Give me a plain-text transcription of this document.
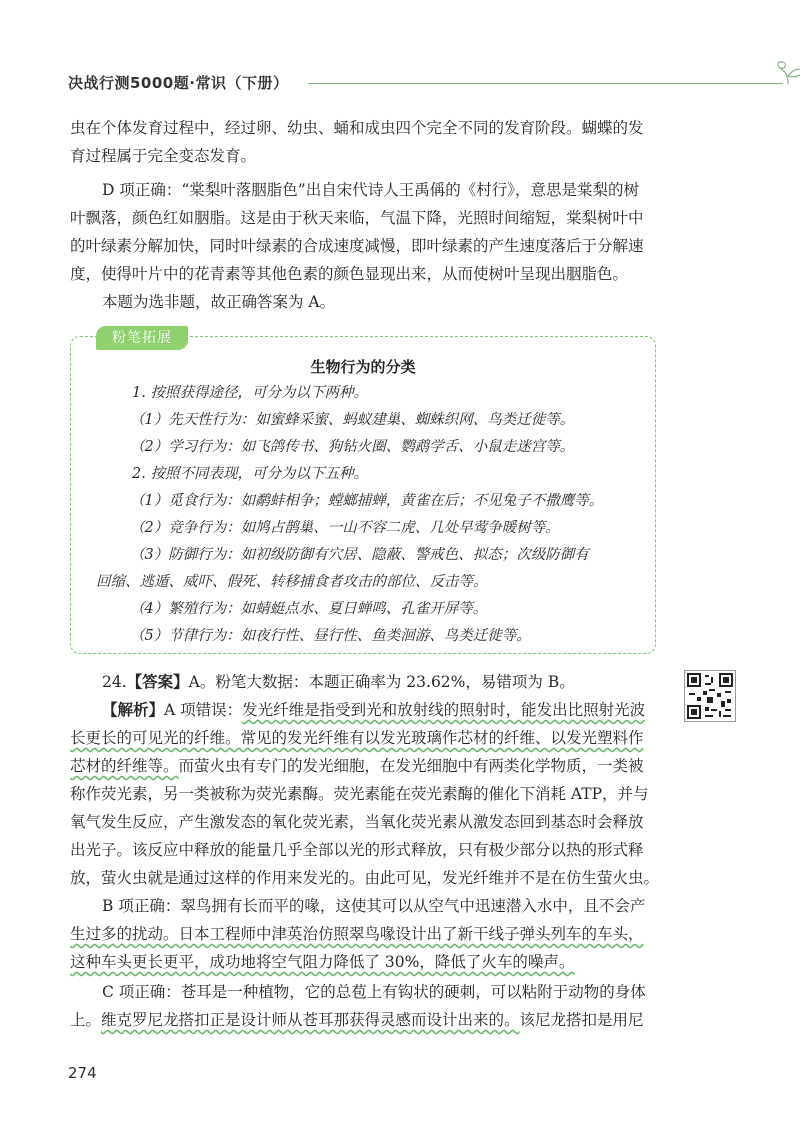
决战行测5000题·常识（下册）

虫在个体发育过程中，经过卵、幼虫、蛹和成虫四个完全不同的发育阶段。蝴蝶的发

育过程属于完全变态发育。

D 项正确：“棠梨叶落胭脂色”出自宋代诗人王禹偁的《村行》，意思是棠梨的树

叶飘落，颜色红如胭脂。这是由于秋天来临，气温下降，光照时间缩短，棠梨树叶中

的叶绿素分解加快，同时叶绿素的合成速度减慢，即叶绿素的产生速度落后于分解速

度，使得叶片中的花青素等其他色素的颜色显现出来，从而使树叶呈现出胭脂色。

本题为选非题，故正确答案为 A。

粉笔拓展
生物行为的分类

1. 按照获得途径，可分为以下两种。

（1）先天性行为：如蜜蜂采蜜、蚂蚁建巢、蜘蛛织网、鸟类迁徙等。

（2）学习行为：如飞鸽传书、狗钻火圈、鹦鹉学舌、小鼠走迷宫等。

2. 按照不同表现，可分为以下五种。

（1）觅食行为：如鹬蚌相争；螳螂捕蝉，黄雀在后；不见兔子不撒鹰等。

（2）竞争行为：如鸠占鹊巢、一山不容二虎、几处早莺争暖树等。

（3）防御行为：如初级防御有穴居、隐蔽、警戒色、拟态；次级防御有

回缩、逃遁、威吓、假死、转移捕食者攻击的部位、反击等。

（4）繁殖行为：如蜻蜓点水、夏日蝉鸣、孔雀开屏等。

（5）节律行为：如夜行性、昼行性、鱼类洄游、鸟类迁徙等。

24.【答案】A。粉笔大数据：本题正确率为 23.62%，易错项为 B。

【解析】A 项错误：发光纤维是指受到光和放射线的照射时，能发出比照射光波

长更长的可见光的纤维。常见的发光纤维有以发光玻璃作芯材的纤维、以发光塑料作

芯材的纤维等。而萤火虫有专门的发光细胞，在发光细胞中有两类化学物质，一类被

称作荧光素，另一类被称为荧光素酶。荧光素能在荧光素酶的催化下消耗 ATP，并与

氧气发生反应，产生激发态的氧化荧光素，当氧化荧光素从激发态回到基态时会释放

出光子。该反应中释放的能量几乎全部以光的形式释放，只有极少部分以热的形式释

放，萤火虫就是通过这样的作用来发光的。由此可见，发光纤维并不是在仿生萤火虫。

B 项正确：翠鸟拥有长而平的喙，这使其可以从空气中迅速潜入水中，且不会产

生过多的扰动。日本工程师中津英治仿照翠鸟喙设计出了新干线子弹头列车的车头，

这种车头更长更平，成功地将空气阻力降低了 30%，降低了火车的噪声。

C 项正确：苍耳是一种植物，它的总苞上有钩状的硬刺，可以粘附于动物的身体

上。维克罗尼龙搭扣正是设计师从苍耳那获得灵感而设计出来的。该尼龙搭扣是用尼

274
